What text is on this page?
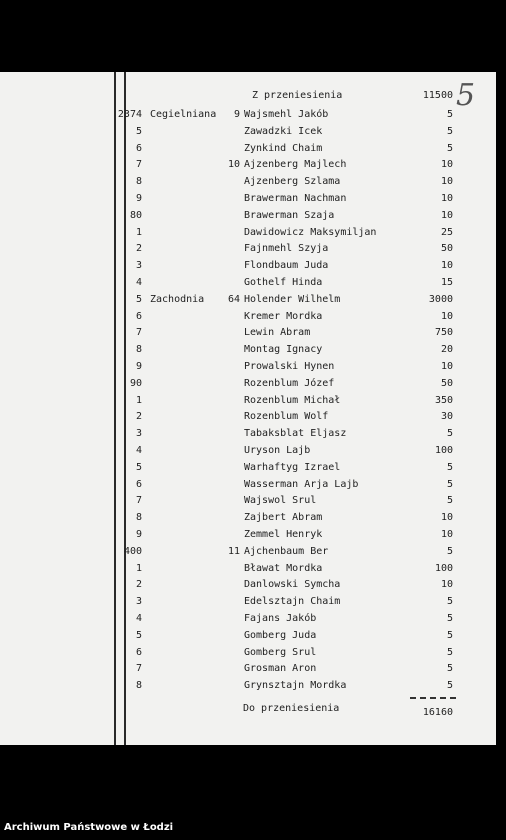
5
Z przeniesienia	11500
2374 Cegielniana	9 Wajsmehl Jakób	5
5	Zawadzki Icek	5
6	Zynkind Chaim	5
7	10 Ajzenberg Majlech	10
8	Ajzenberg Szlama	10
9	Brawerman Nachman	10
80	Brawerman Szaja	10
1	Dawidowicz Maksymiljan	25
2	Fajnmehl Szyja	50
3	Flondbaum Juda	10
4	Gothelf Hinda	15
5 Zachodnia	64 Holender Wilhelm	3000
6	Kremer Mordka	10
7	Lewin Abram	750
8	Montag Ignacy	20
9	Prowalski Hynen	10
90	Rozenblum Józef	50
1	Rozenblum Michał	350
2	Rozenblum Wolf	30
3	Tabaksblat Eljasz	5
4	Uryson Lajb	100
5	Warhaftyg Izrael	5
6	Wasserman Arja Lajb	5
7	Wajswol Srul	5
8	Zajbert Abram	10
9	Zemmel Henryk	10
400	11 Ajchenbaum Ber	5
1	Bławat Mordka	100
2	Danlowski Symcha	10
3	Edelsztajn Chaim	5
4	Fajans Jakób	5
5	Gomberg Juda	5
6	Gomberg Srul	5
7	Grosman Aron	5
8	Grynsztajn Mordka	5
Do przeniesienia	16160
Archiwum Państwowe w Łodzi
